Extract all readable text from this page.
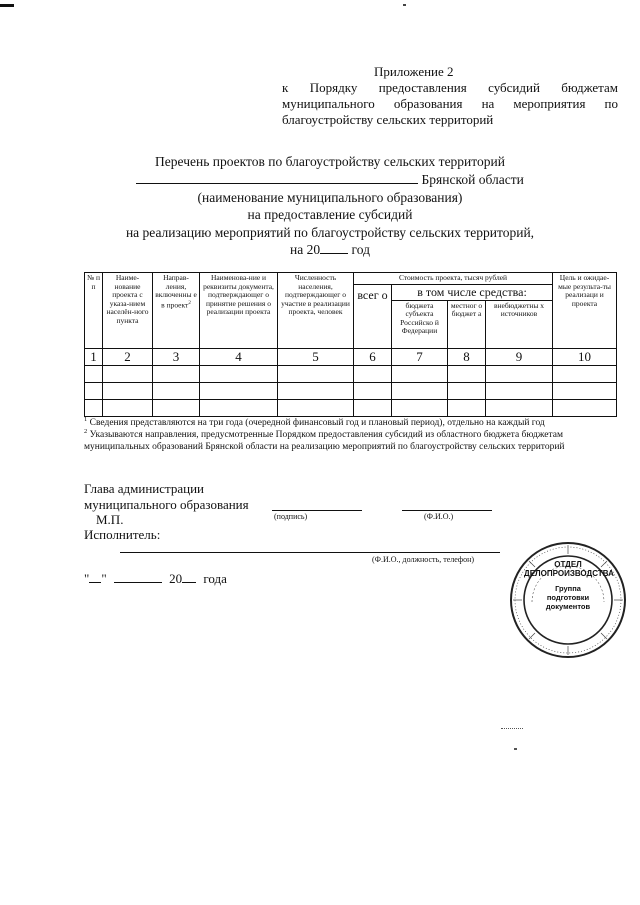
Приложение 2
к Порядку предоставления субсидий бюджетам муниципального образования на мероприятия по благоустройству сельских территорий
Перечень проектов по благоустройству сельских территорий
Брянской области
(наименование муниципального образования)
на предоставление субсидий
на реализацию мероприятий по благоустройству сельских территорий,
на 20 год
№ п п	Наиме-нование проекта с указа-нием населён-ного пункта	Направ-ления, включенны е в проект$^2$	Наименова-ние и реквизиты документа, подтверждающег о принятие решения о реализации проекта	Численность населения, подтверждающег о участие в реализации проекта, человек	Стоимость проекта, тысяч рублей				Цель и ожидае-мые результа-ты реализаци и проекта
					всег о	в том числе средства:			
						бюджета субъекта Российско й Федерации	местног о бюджет а	внебюджетны х источников	
1	2	3	4	5	6	7	8	9	10

$^1$ Сведения представляются на три года (очередной финансовый год и плановый период), отдельно на каждый год
$^2$ Указываются направления, предусмотренные Порядком предоставления субсидий из областного бюджета бюджетам муниципальных образований Брянской области на реализацию мероприятий по благоустройству сельских территорий
Глава администрации
муниципального образования
М.П.	(подпись)	(Ф.И.О.)
Исполнитель:
(Ф.И.О., должность, телефон)
" "	20 года
Группа подготовки документов
ОТДЕЛ ДЕЛОПРОИЗВОДСТВА
